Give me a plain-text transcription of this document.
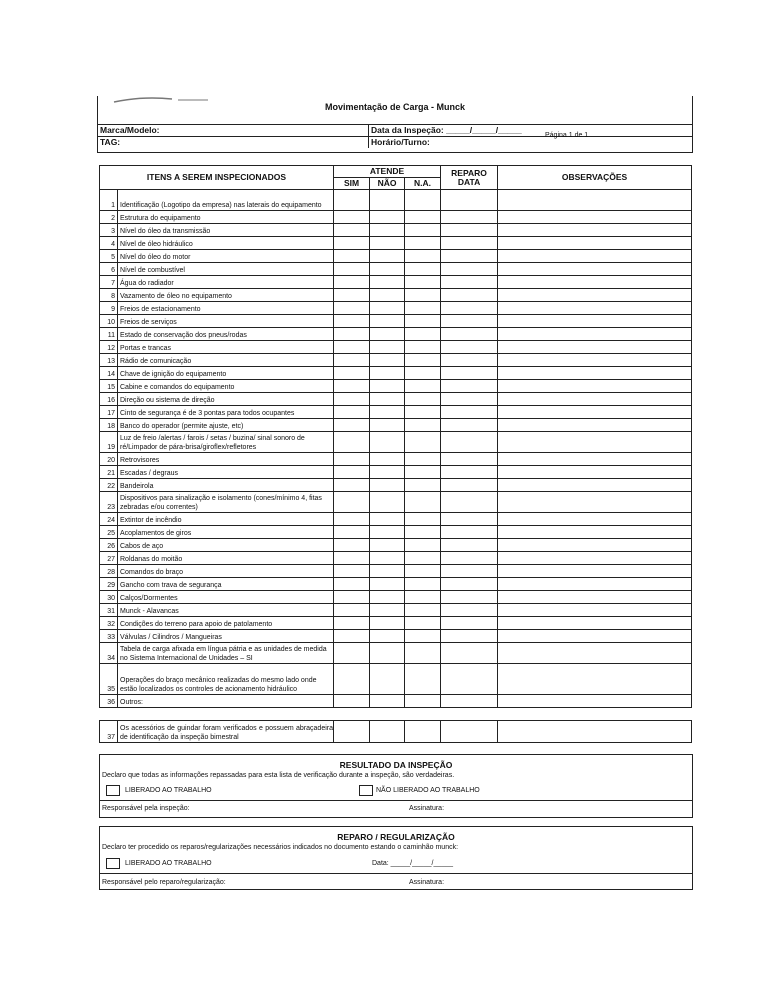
Movimentação de Carga - Munck
Marca/Modelo:	Data da Inspeção: _____/_____/_____
TAG:	Horário/Turno:
Página 1 de 1
ITENS A SEREM INSPECIONADOS		ATENDE			REPARO DATA	OBSERVAÇÕES
		SIM	NÃO	N.A.		
1	Identificação (Logotipo da empresa) nas laterais do equipamento					
2	Estrutura do equipamento					
3	Nível do óleo da transmissão					
4	Nível de óleo hidráulico					
5	Nível do óleo do motor					
6	Nível de combustível					
7	Água do radiador					
8	Vazamento de óleo no equipamento					
9	Freios de estacionamento					
10	Freios de serviços					
11	Estado de conservação dos pneus/rodas					
12	Portas e trancas					
13	Rádio de comunicação					
14	Chave de ignição do equipamento					
15	Cabine e comandos do equipamento					
16	Direção ou sistema de direção					
17	Cinto de segurança é de 3 pontas para todos ocupantes					
18	Banco do operador (permite ajuste, etc)					
19	Luz de freio /alertas / farois / setas / buzina/ sinal sonoro de ré/Limpador de pára-brisa/giroflex/refletores					
20	Retrovisores					
21	Escadas / degraus					
22	Bandeirola					
23	Dispositivos para sinalização e isolamento (cones/mínimo 4, fitas zebradas e/ou correntes)					
24	Extintor de incêndio					
25	Acoplamentos de giros					
26	Cabos de aço					
27	Roldanas do moitão					
28	Comandos do braço					
29	Gancho com trava de segurança					
30	Calços/Dormentes					
31	Munck - Alavancas					
32	Condições do terreno para apoio de patolamento					
33	Válvulas / Cilindros / Mangueiras					
34	Tabela de carga afixada em língua pátria e as unidades de medida no Sistema Internacional de Unidades – SI					
35	Operações do braço mecânico realizadas do mesmo lado onde estão localizados os controles de acionamento hidráulico					
36	Outros:					
37	Os acessórios de guindar foram verificados e possuem abraçadeira de identificação da inspeção bimestral					
RESULTADO DA INSPEÇÃO
Declaro que todas as informações repassadas para esta lista de verificação durante a inspeção, são verdadeiras.
LIBERADO AO TRABALHO	NÃO LIBERADO AO TRABALHO
Responsável pela inspeção:	Assinatura:
REPARO / REGULARIZAÇÃO
Declaro ter procedido os reparos/regularizações necessários indicados no documento estando o caminhão munck:
LIBERADO AO TRABALHO	Data: _____/_____/_____
Responsável pelo reparo/regularização:	Assinatura:
